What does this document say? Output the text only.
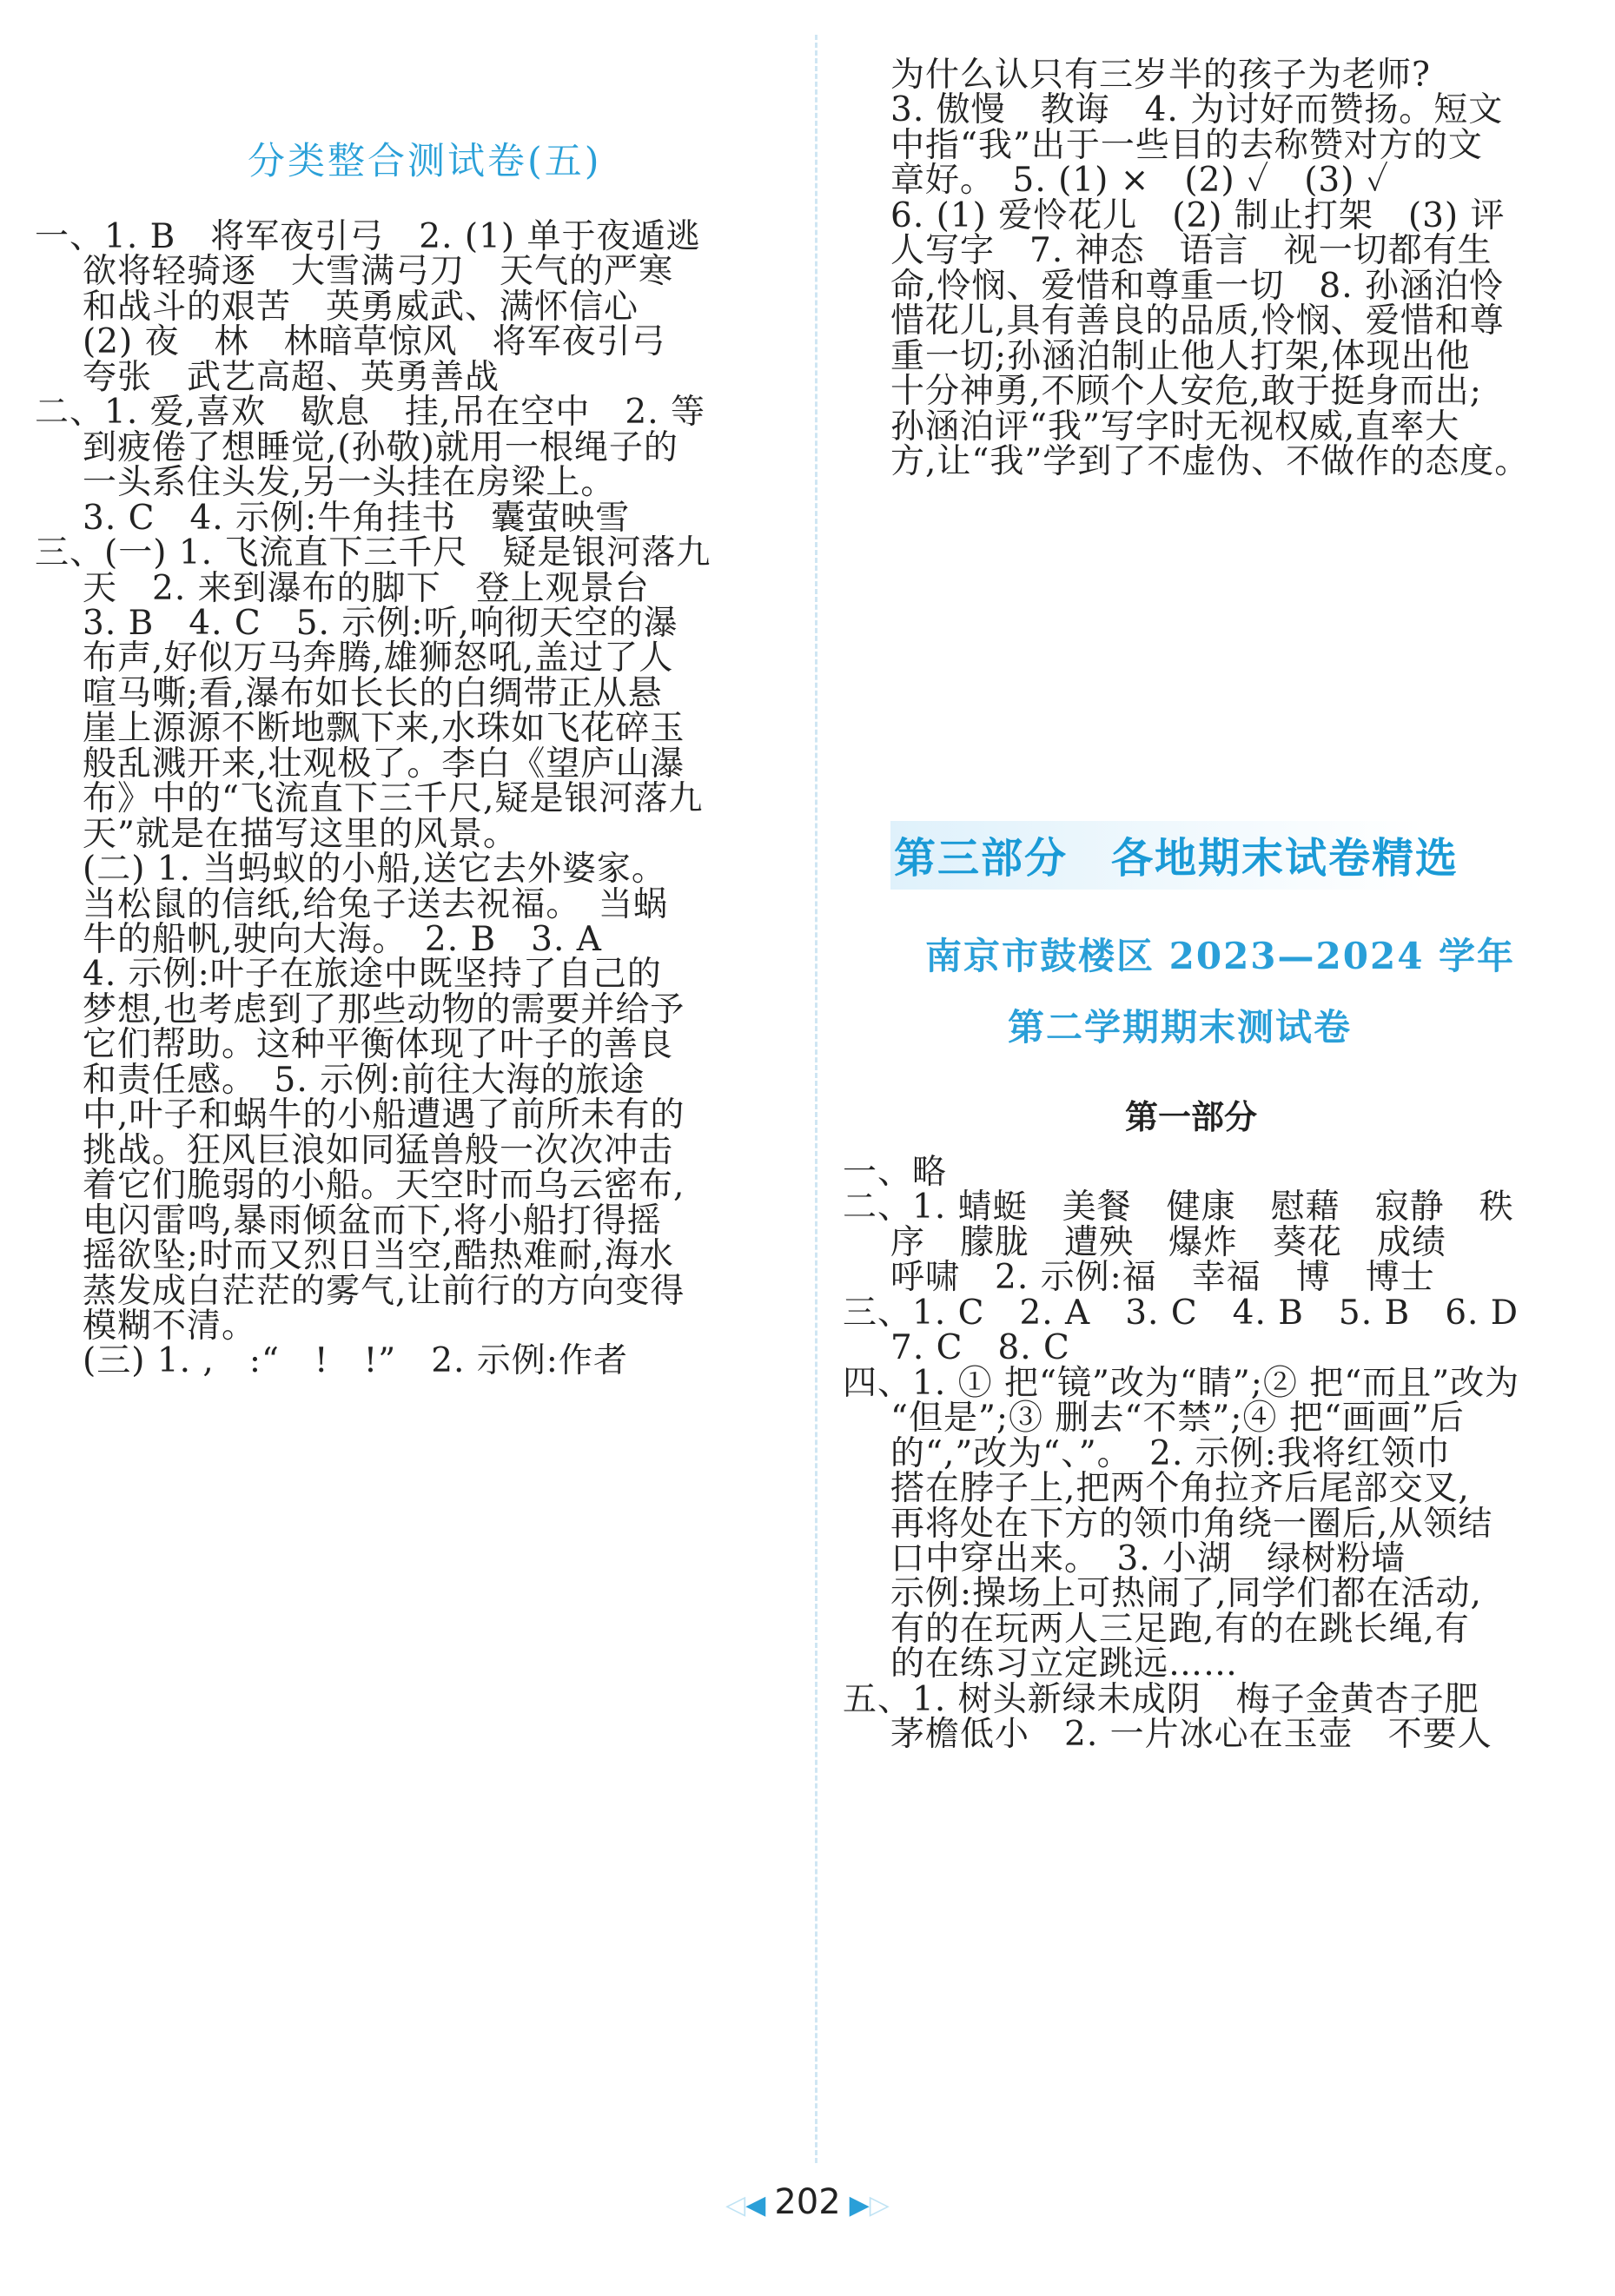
分类整合测试卷(五)
一、1. B　将军夜引弓　2. (1) 单于夜遁逃
欲将轻骑逐　大雪满弓刀　天气的严寒
和战斗的艰苦　英勇威武、满怀信心
(2) 夜　林　林暗草惊风　将军夜引弓
夸张　武艺高超、英勇善战
二、1. 爱,喜欢　歇息　挂,吊在空中　2. 等
到疲倦了想睡觉,(孙敬)就用一根绳子的
一头系住头发,另一头挂在房梁上。
3. C　4. 示例:牛角挂书　囊萤映雪
三、(一) 1. 飞流直下三千尺　疑是银河落九
天　2. 来到瀑布的脚下　登上观景台
3. B　4. C　5. 示例:听,响彻天空的瀑
布声,好似万马奔腾,雄狮怒吼,盖过了人
喧马嘶;看,瀑布如长长的白绸带正从悬
崖上源源不断地飘下来,水珠如飞花碎玉
般乱溅开来,壮观极了。李白《望庐山瀑
布》中的“飞流直下三千尺,疑是银河落九
天”就是在描写这里的风景。
(二) 1. 当蚂蚁的小船,送它去外婆家。
当松鼠的信纸,给兔子送去祝福。　当蜗
牛的船帆,驶向大海。　2. B　3. A
4. 示例:叶子在旅途中既坚持了自己的
梦想,也考虑到了那些动物的需要并给予
它们帮助。这种平衡体现了叶子的善良
和责任感。　5. 示例:前往大海的旅途
中,叶子和蜗牛的小船遭遇了前所未有的
挑战。狂风巨浪如同猛兽般一次次冲击
着它们脆弱的小船。天空时而乌云密布,
电闪雷鸣,暴雨倾盆而下,将小船打得摇
摇欲坠;时而又烈日当空,酷热难耐,海水
蒸发成白茫茫的雾气,让前行的方向变得
模糊不清。
(三) 1. ,　:“　!　!”　2. 示例:作者
为什么认只有三岁半的孩子为老师?
3. 傲慢　教诲　4. 为讨好而赞扬。短文
中指“我”出于一些目的去称赞对方的文
章好。　5. (1) ×　(2) ✓　(3) ✓
6. (1) 爱怜花儿　(2) 制止打架　(3) 评
人写字　7. 神态　语言　视一切都有生
命,怜悯、爱惜和尊重一切　8. 孙涵泊怜
惜花儿,具有善良的品质,怜悯、爱惜和尊
重一切;孙涵泊制止他人打架,体现出他
十分神勇,不顾个人安危,敢于挺身而出;
孙涵泊评“我”写字时无视权威,直率大
方,让“我”学到了不虚伪、不做作的态度。
第三部分　各地期末试卷精选
南京市鼓楼区 2023—2024 学年
第二学期期末测试卷
第一部分
一、略
二、1. 蜻蜓　美餐　健康　慰藉　寂静　秩
序　朦胧　遭殃　爆炸　葵花　成绩
呼啸　2. 示例:福　幸福　博　博士
三、1. C　2. A　3. C　4. B　5. B　6. D
7. C　8. C
四、1. ① 把“镜”改为“睛”;② 把“而且”改为
“但是”;③ 删去“不禁”;④ 把“画画”后
的“,”改为“、”。　2. 示例:我将红领巾
搭在脖子上,把两个角拉齐后尾部交叉,
再将处在下方的领巾角绕一圈后,从领结
口中穿出来。　3. 小湖　绿树粉墙
示例:操场上可热闹了,同学们都在活动,
有的在玩两人三足跑,有的在跳长绳,有
的在练习立定跳远……
五、1. 树头新绿未成阴　梅子金黄杏子肥
茅檐低小　2. 一片冰心在玉壶　不要人
◁◀ 202 ▶▷
